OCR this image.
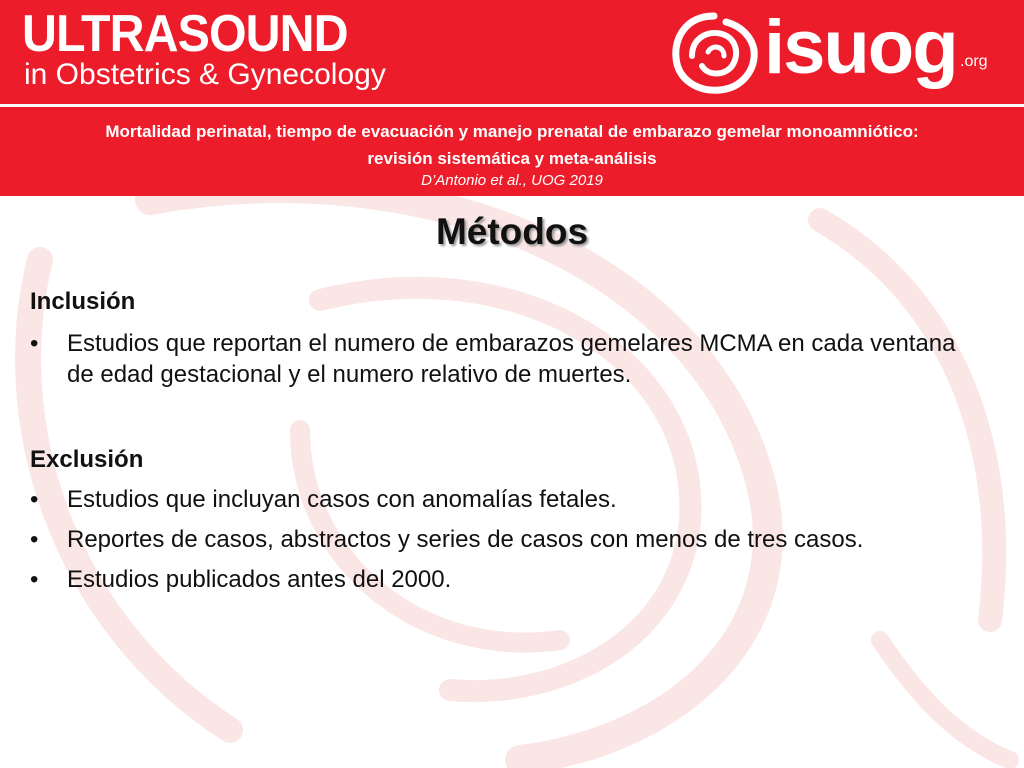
ULTRASOUND
in Obstetrics & Gynecology	isuog .org
Mortalidad perinatal, tiempo de evacuación y manejo prenatal de embarazo gemelar monoamniótico:
revisión sistemática y meta-análisis
D’Antonio et al., UOG 2019
Métodos
Inclusión
•	Estudios que reportan el numero de embarazos gemelares MCMA en cada ventana de edad gestacional y el numero relativo de muertes.
Exclusión
•	Estudios que incluyan casos con anomalías fetales.
•	Reportes de casos, abstractos y series de casos con menos de tres casos.
•	Estudios publicados antes del 2000.
